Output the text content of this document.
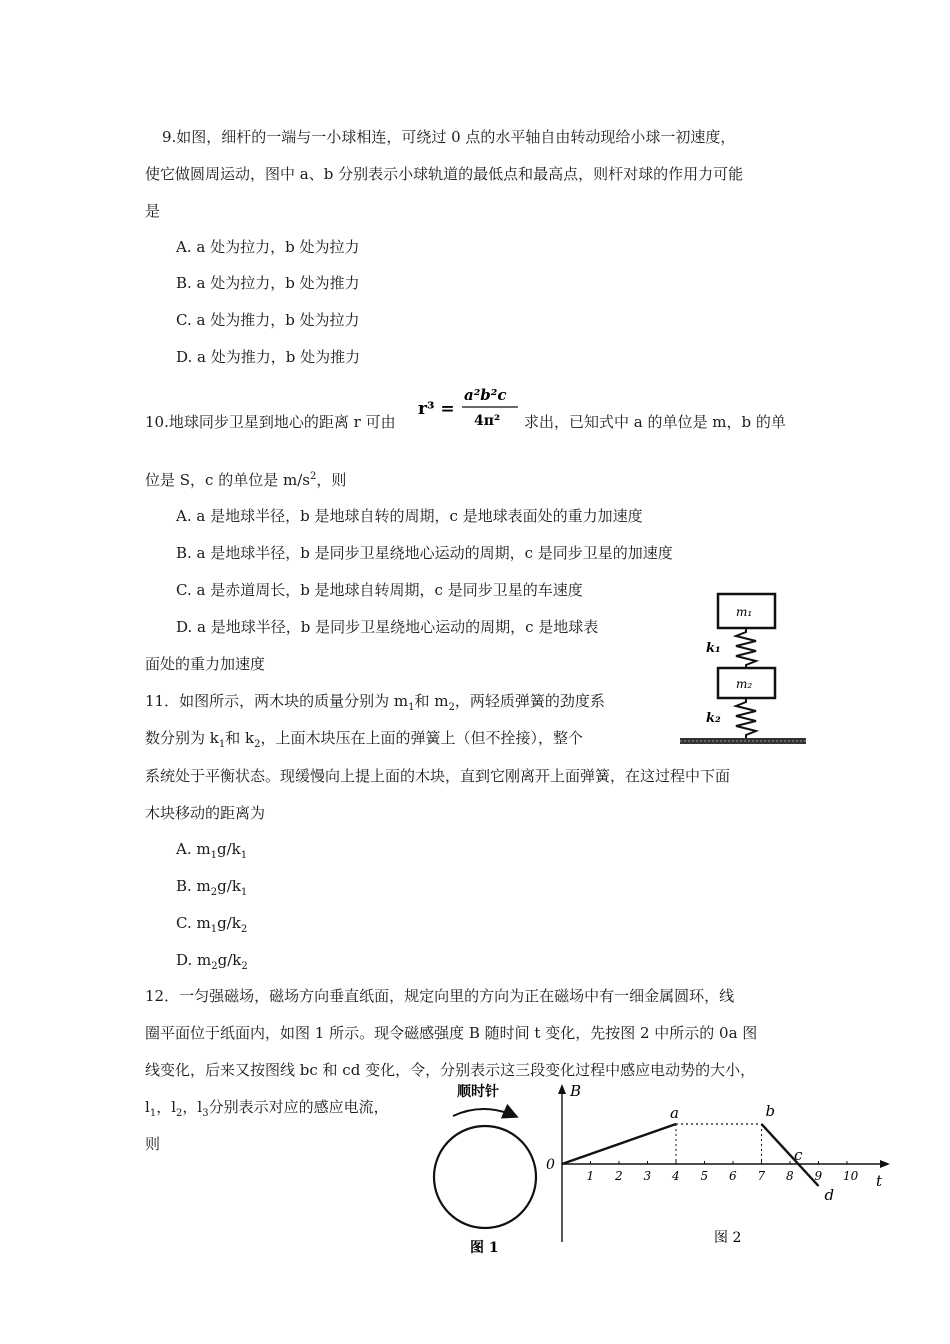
9.如图，细杆的一端与一小球相连，可绕过 0 点的水平轴自由转动现给小球一初速度，
使它做圆周运动，图中 a、b 分别表示小球轨道的最低点和最高点，则杆对球的作用力可能
是
A. a 处为拉力，b 处为拉力
B. a 处为拉力，b 处为推力
C. a 处为推力，b 处为拉力
D. a 处为推力，b 处为推力
10.地球同步卫星到地心的距离 r 可由
r³ =
a²b²c
4π² 求出，已知式中 a 的单位是 m，b 的单
位是 S，c 的单位是 $m/s^2$，则
A. a 是地球半径，b 是地球自转的周期，c 是地球表面处的重力加速度
B. a 是地球半径，b 是同步卫星绕地心运动的周期，c 是同步卫星的加速度
C. a 是赤道周长，b 是地球自转周期，c 是同步卫星的车速度
D. a 是地球半径，b 是同步卫星绕地心运动的周期，c 是地球表
面处的重力加速度
m₁
k₁
m₂
k₂
11．如图所示，两木块的质量分别为 $m_1$和 $m_2$，两轻质弹簧的劲度系
数分别为 $k_1$和 $k_2$，上面木块压在上面的弹簧上（但不拴接），整个
系统处于平衡状态。现缓慢向上提上面的木块，直到它刚离开上面弹簧，在这过程中下面
木块移动的距离为
A. $m_1g/k_1$
B. $m_2g/k_1$
C. $m_1g/k_2$
D. $m_2g/k_2$
12．一匀强磁场，磁场方向垂直纸面，规定向里的方向为正在磁场中有一细金属圆环，线
圈平面位于纸面内，如图 1 所示。现令磁感强度 B 随时间 t 变化，先按图 2 中所示的 0a 图
线变化，后来又按图线 bc 和 cd 变化，令，分别表示这三段变化过程中感应电动势的大小，
$l_1$，$l_2$，$l_3$分别表示对应的感应电流，
则
顺时针
图 1
B
t
0
1 2 3 4 5 6 7 8 9 10
图 2
a	b
c
d
